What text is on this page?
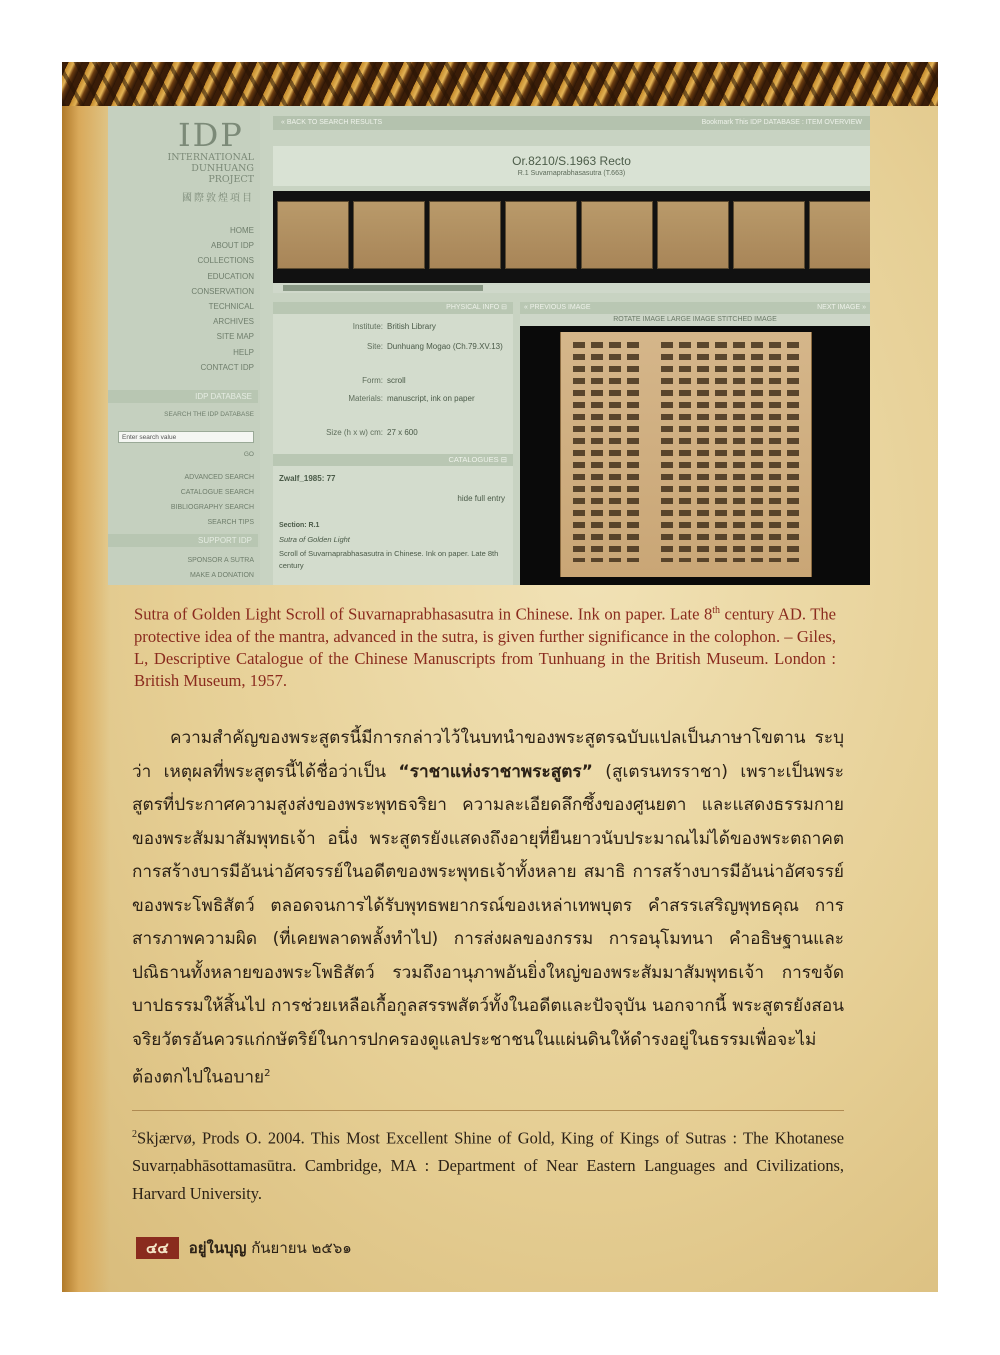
IDP
INTERNATIONAL
DUNHUANG
PROJECT
國際敦煌項目
HOME
ABOUT IDP
COLLECTIONS
EDUCATION
CONSERVATION
TECHNICAL
ARCHIVES
SITE MAP
HELP
CONTACT IDP
IDP DATABASE
SEARCH THE IDP DATABASE
Enter search value
GO
ADVANCED SEARCH
CATALOGUE SEARCH
BIBLIOGRAPHY SEARCH
SEARCH TIPS
SUPPORT IDP
SPONSOR A SUTRA
MAKE A DONATION
« BACK TO SEARCH RESULTS	Bookmark This IDP DATABASE : ITEM OVERVIEW
Or.8210/S.1963 Recto
R.1 Suvarnaprabhasasutra (T.663)
PHYSICAL INFO ⊟
Institute: British Library
Site: Dunhuang Mogao (Ch.79.XV.13)
Form: scroll
Materials: manuscript, ink on paper
Size (h x w) cm: 27 x 600
CATALOGUES ⊟
Zwalf_1985: 77
hide full entry
Section: R.1
Sutra of Golden Light
Scroll of Suvarnaprabhasasutra in Chinese. Ink on paper. Late 8th century
« PREVIOUS IMAGE	NEXT IMAGE »
ROTATE IMAGE LARGE IMAGE STITCHED IMAGE
Sutra of Golden Light Scroll of Suvarnaprabhasasutra in Chinese. Ink on paper. Late 8th century AD. The protective idea of the mantra, advanced in the sutra, is given further significance in the colophon. – Giles, L, Descriptive Catalogue of the Chinese Manuscripts from Tunhuang in the British Museum. London : British Museum, 1957.
ความสำคัญของพระสูตรนี้มีการกล่าวไว้ในบทนำของพระสูตรฉบับแปลเป็นภาษาโขตาน ระบุว่า เหตุผลที่พระสูตรนี้ได้ชื่อว่าเป็น “ราชาแห่งราชาพระสูตร” (สูเตรนทรราชา) เพราะเป็นพระสูตรที่ประกาศความสูงส่งของพระพุทธจริยา ความละเอียดลึกซึ้งของศูนยตา และแสดงธรรมกายของพระสัมมาสัมพุทธเจ้า อนึ่ง พระสูตรยังแสดงถึงอายุที่ยืนยาวนับประมาณไม่ได้ของพระตถาคต การสร้างบารมีอันน่าอัศจรรย์ในอดีตของพระพุทธเจ้าทั้งหลาย สมาธิ การสร้างบารมีอันน่าอัศจรรย์ของพระโพธิสัตว์ ตลอดจนการได้รับพุทธพยากรณ์ของเหล่าเทพบุตร คำสรรเสริญพุทธคุณ การสารภาพความผิด (ที่เคยพลาดพลั้งทำไป) การส่งผลของกรรม การอนุโมทนา คำอธิษฐานและปณิธานทั้งหลายของพระโพธิสัตว์ รวมถึงอานุภาพอันยิ่งใหญ่ของพระสัมมาสัมพุทธเจ้า การขจัดบาปธรรมให้สิ้นไป การช่วยเหลือเกื้อกูลสรรพสัตว์ทั้งในอดีตและปัจจุบัน นอกจากนี้ พระสูตรยังสอนจริยวัตรอันควรแก่กษัตริย์ในการปกครองดูแลประชาชนในแผ่นดินให้ดำรงอยู่ในธรรมเพื่อจะไม่ต้องตกไปในอบาย$^2$
$^2$Skjærvø, Prods O. 2004. This Most Excellent Shine of Gold, King of Kings of Sutras : The Khotanese Suvarṇabhāsottamasūtra. Cambridge, MA : Department of Near Eastern Languages and Civilizations, Harvard University.
๔๔ อยู่ในบุญ กันยายน ๒๕๖๑
